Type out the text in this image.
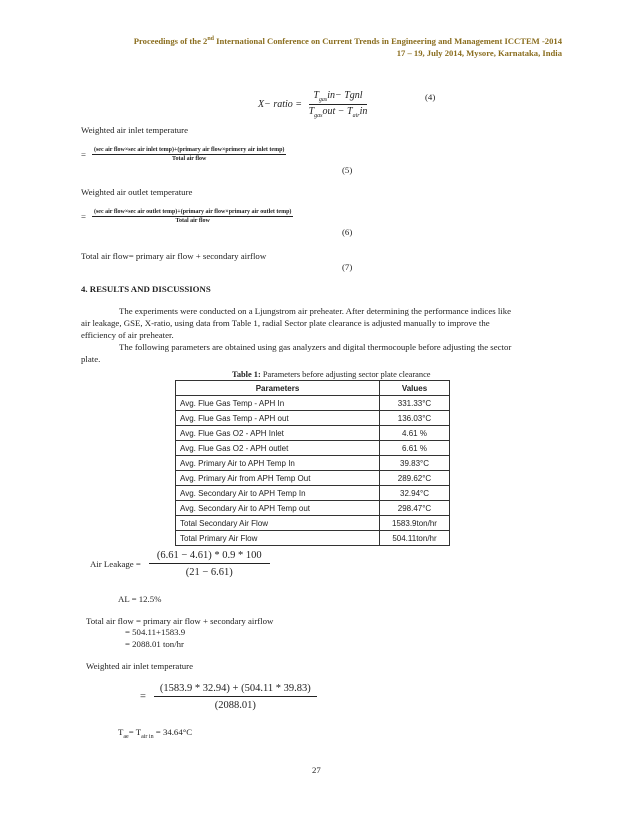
Proceedings of the 2nd International Conference on Current Trends in Engineering and Management ICCTEM -2014
17 – 19, July 2014, Mysore, Karnataka, India
X− ratio = $\frac{T_{gas}in- Tgnl}{T_{gas}out - T_{air}in}$	(4)
Weighted air inlet temperature
=	(sec air flow×sec air inlet temp)+(primary air flow×primery air inlet temp)
Total air flow
(5)
Weighted air outlet temperature
=	(sec air flow×sec air outlet temp)+(primary air flow×primary air outlet temp)
Total air flow
(6)
Total air flow= primary air flow + secondary airflow
(7)
4. RESULTS AND DISCUSSIONS
The experiments were conducted on a Ljungstrom air preheater. After determining the performance indices like
air leakage, GSE, X-ratio, using data from Table 1, radial Sector plate clearance is adjusted manually to improve the
efficiency of air preheater.
The following parameters are obtained using gas analyzers and digital thermocouple before adjusting the sector
plate.
Table 1: Parameters before adjusting sector plate clearance
Parameters	Values
Avg. Flue Gas Temp - APH In	331.33°C
Avg. Flue Gas Temp - APH out	136.03°C
Avg. Flue Gas O2 - APH Inlet	4.61 %
Avg. Flue Gas O2 - APH outlet	6.61 %
Avg. Primary Air to APH Temp In	39.83°C
Avg. Primary Air from APH Temp Out	289.62°C
Avg. Secondary Air to APH Temp In	32.94°C
Avg. Secondary Air to APH Temp out	298.47°C
Total Secondary Air Flow	1583.9ton/hr
Total Primary Air Flow	504.11ton/hr
Air Leakage = $\frac{(6.61 - 4.61) * 0.9 * 100}{(21 - 6.61)}$
AL = 12.5%
Total air flow = primary air flow + secondary airflow
= 504.11+1583.9
= 2088.01 ton/hr
Weighted air inlet temperature
= $\frac{(1583.9 * 32.94) + (504.11 * 39.83)}{(2088.01)}$
$T_{ae}= T_{air in} = 34.64^\circ C$
27
